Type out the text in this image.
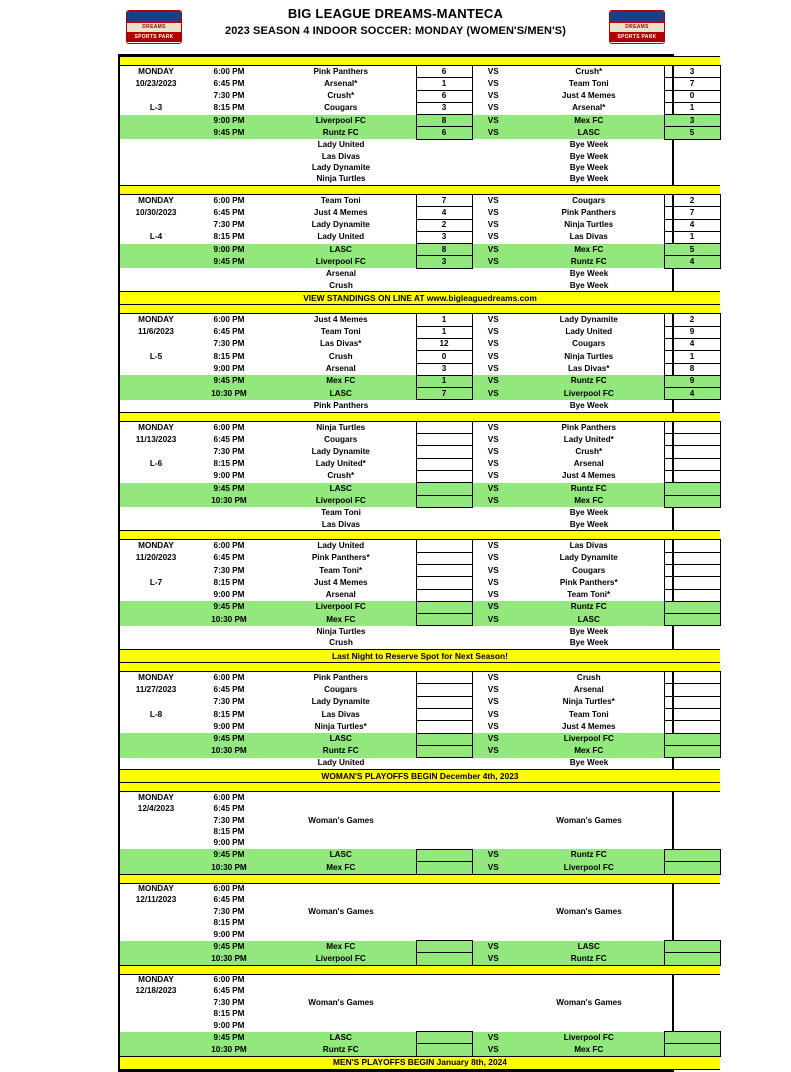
DREAMS
SPORTS PARK
DREAMS
SPORTS PARK
BIG LEAGUE DREAMS-MANTECA
2023 SEASON 4 INDOOR SOCCER: MONDAY (WOMEN'S/MEN'S)

MONDAY	6:00 PM	Pink Panthers	6	VS	Crush*	3
10/23/2023	6:45 PM	Arsenal*	1	VS	Team Toni	7
	7:30 PM	Crush*	6	VS	Just 4 Memes	0
L-3	8:15 PM	Cougars	3	VS	Arsenal*	1
	9:00 PM	Liverpool FC	8	VS	Mex FC	3
	9:45 PM	Runtz FC	6	VS	LASC	5
		Lady United			Bye Week	
		Las Divas			Bye Week	
		Lady Dynamite			Bye Week	
		Ninja Turtles			Bye Week	

MONDAY	6:00 PM	Team Toni	7	VS	Cougars	2
10/30/2023	6:45 PM	Just 4 Memes	4	VS	Pink Panthers	7
	7:30 PM	Lady Dynamite	2	VS	Ninja Turtles	4
L-4	8:15 PM	Lady United	3	VS	Las Divas	1
	9:00 PM	LASC	8	VS	Mex FC	5
	9:45 PM	Liverpool FC	3	VS	Runtz FC	4
		Arsenal			Bye Week	
		Crush			Bye Week	
VIEW STANDINGS ON LINE AT www.bigleaguedreams.com						

MONDAY	6:00 PM	Just 4 Memes	1	VS	Lady Dynamite	2
11/6/2023	6:45 PM	Team Toni	1	VS	Lady United	9
	7:30 PM	Las Divas*	12	VS	Cougars	4
L-5	8:15 PM	Crush	0	VS	Ninja Turtles	1
	9:00 PM	Arsenal	3	VS	Las Divas*	8
	9:45 PM	Mex FC	1	VS	Runtz FC	9
	10:30 PM	LASC	7	VS	Liverpool FC	4
		Pink Panthers			Bye Week	

MONDAY	6:00 PM	Ninja Turtles		VS	Pink Panthers	
11/13/2023	6:45 PM	Cougars		VS	Lady United*	
	7:30 PM	Lady Dynamite		VS	Crush*	
L-6	8:15 PM	Lady United*		VS	Arsenal	
	9:00 PM	Crush*		VS	Just 4 Memes	
	9:45 PM	LASC		VS	Runtz FC	
	10:30 PM	Liverpool FC		VS	Mex FC	
		Team Toni			Bye Week	
		Las Divas			Bye Week	

MONDAY	6:00 PM	Lady United		VS	Las Divas	
11/20/2023	6:45 PM	Pink Panthers*		VS	Lady Dynamite	
	7:30 PM	Team Toni*		VS	Cougars	
L-7	8:15 PM	Just 4 Memes		VS	Pink Panthers*	
	9:00 PM	Arsenal		VS	Team Toni*	
	9:45 PM	Liverpool FC		VS	Runtz FC	
	10:30 PM	Mex FC		VS	LASC	
		Ninja Turtles			Bye Week	
		Crush			Bye Week	
Last Night to Reserve Spot for Next Season!						

MONDAY	6:00 PM	Pink Panthers		VS	Crush	
11/27/2023	6:45 PM	Cougars		VS	Arsenal	
	7:30 PM	Lady Dynamite		VS	Ninja Turtles*	
L-8	8:15 PM	Las Divas		VS	Team Toni	
	9:00 PM	Ninja Turtles*		VS	Just 4 Memes	
	9:45 PM	LASC		VS	Liverpool FC	
	10:30 PM	Runtz FC		VS	Mex FC	
		Lady United			Bye Week	
WOMAN'S PLAYOFFS BEGIN December 4th, 2023						

MONDAY	6:00 PM	Woman's Games			Woman's Games	
12/4/2023	6:45 PM					
	7:30 PM					
	8:15 PM					
	9:00 PM					
	9:45 PM	LASC		VS	Runtz FC	
	10:30 PM	Mex FC		VS	Liverpool FC	

MONDAY	6:00 PM	Woman's Games			Woman's Games	
12/11/2023	6:45 PM					
	7:30 PM					
	8:15 PM					
	9:00 PM					
	9:45 PM	Mex FC		VS	LASC	
	10:30 PM	Liverpool FC		VS	Runtz FC	

MONDAY	6:00 PM	Woman's Games			Woman's Games	
12/18/2023	6:45 PM					
	7:30 PM					
	8:15 PM					
	9:00 PM					
	9:45 PM	LASC		VS	Liverpool FC	
	10:30 PM	Runtz FC		VS	Mex FC	
MEN'S PLAYOFFS BEGIN January 8th, 2024						
